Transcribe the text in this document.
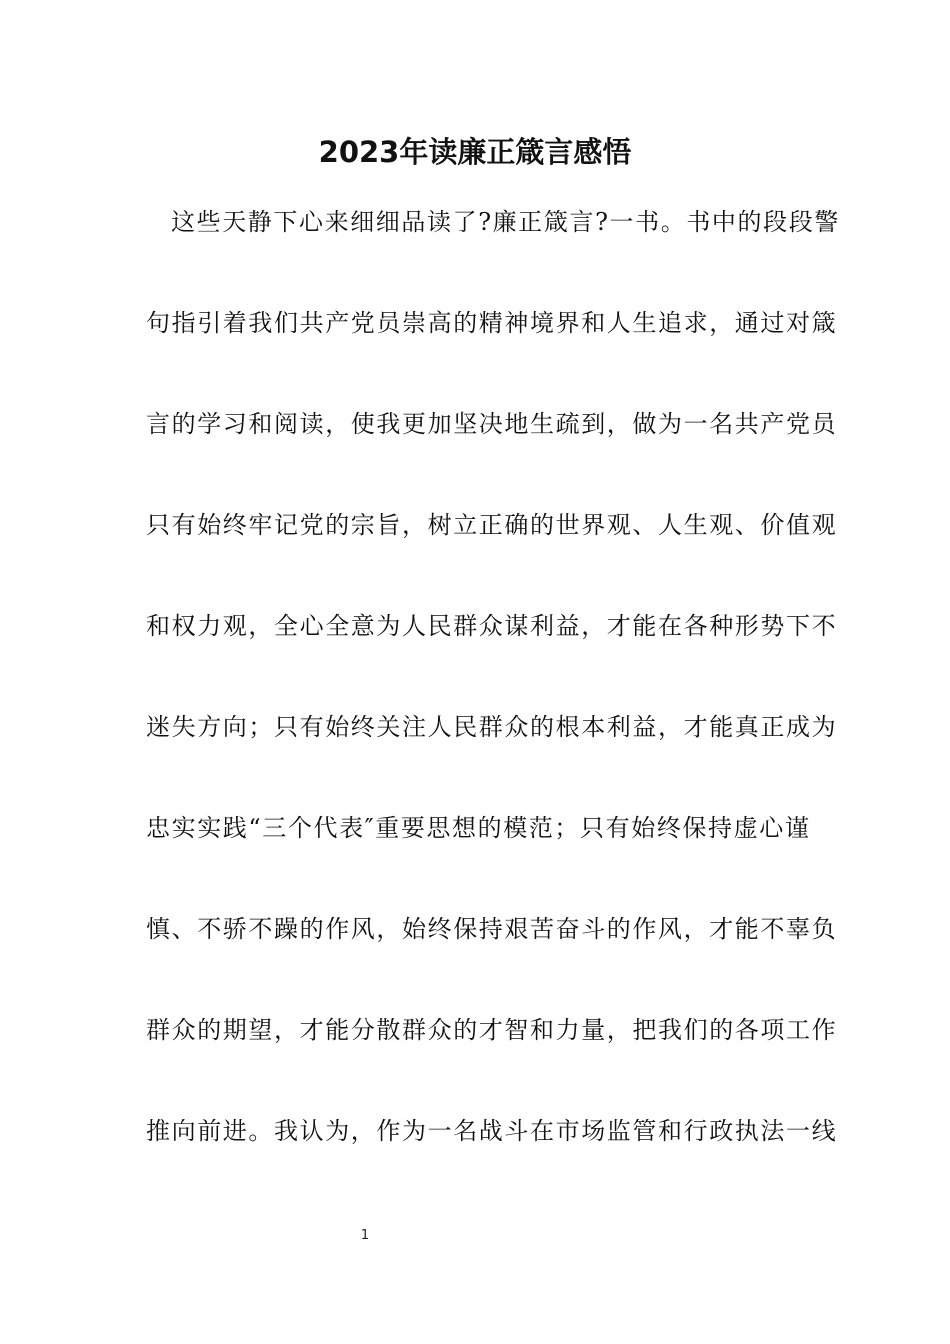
2023年读廉正箴言感悟
这些天静下心来细细品读了?廉正箴言?一书。书中的段段警
句指引着我们共产党员崇高的精神境界和人生追求，通过对箴
言的学习和阅读，使我更加坚决地生疏到，做为一名共产党员
只有始终牢记党的宗旨，树立正确的世界观、人生观、价值观
和权力观，全心全意为人民群众谋利益，才能在各种形势下不
迷失方向；只有始终关注人民群众的根本利益，才能真正成为
忠实实践“三个代表″重要思想的模范；只有始终保持虚心谨
慎、不骄不躁的作风，始终保持艰苦奋斗的作风，才能不辜负
群众的期望，才能分散群众的才智和力量，把我们的各项工作
推向前进。我认为，作为一名战斗在市场监管和行政执法一线
1
